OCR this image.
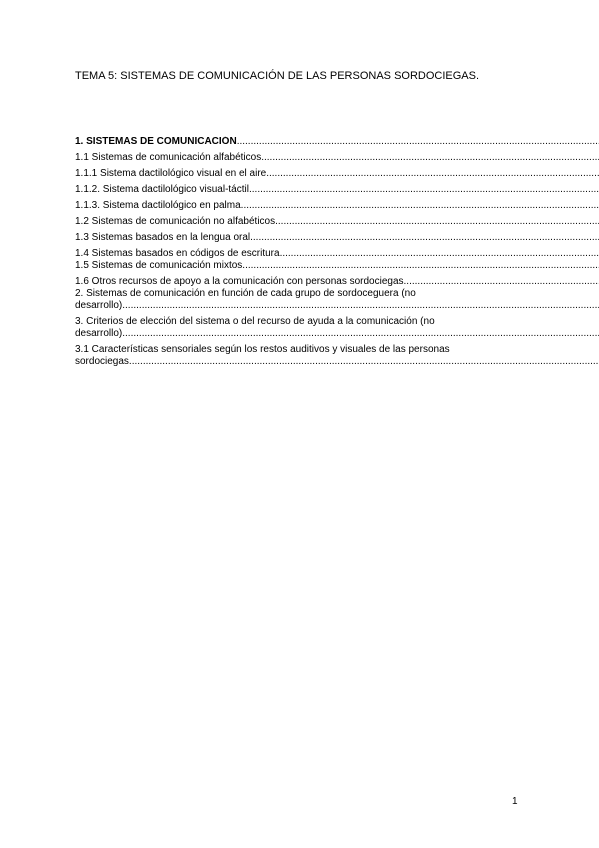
TEMA 5: SISTEMAS DE COMUNICACIÓN DE LAS PERSONAS SORDOCIEGAS.
1. SISTEMAS DE COMUNICACIÓN .....
1.1 Sistemas de comunicación alfabéticos .....
1.1.1 Sistema dactilológico visual en el aire. .....
1.1.2. Sistema dactilológico visual-táctil .....
1.1.3. Sistema dactilológico en palma. .....
1.2 Sistemas de comunicación no alfabéticos .....
1.3 Sistemas basados en la lengua oral .....
1.4 Sistemas basados en códigos de escritura .....
1.5 Sistemas de comunicación mixtos .....
1.6 Otros recursos de apoyo a la comunicación con personas sordociegas. .....
2. Sistemas de comunicación en función de cada grupo de sordoceguera (no
desarrollo) .....
3. Criterios de elección del sistema o del recurso de ayuda a la comunicación (no
desarrollo) .....
3.1 Características sensoriales según los restos auditivos y visuales de las personas
sordociegas .....
1
